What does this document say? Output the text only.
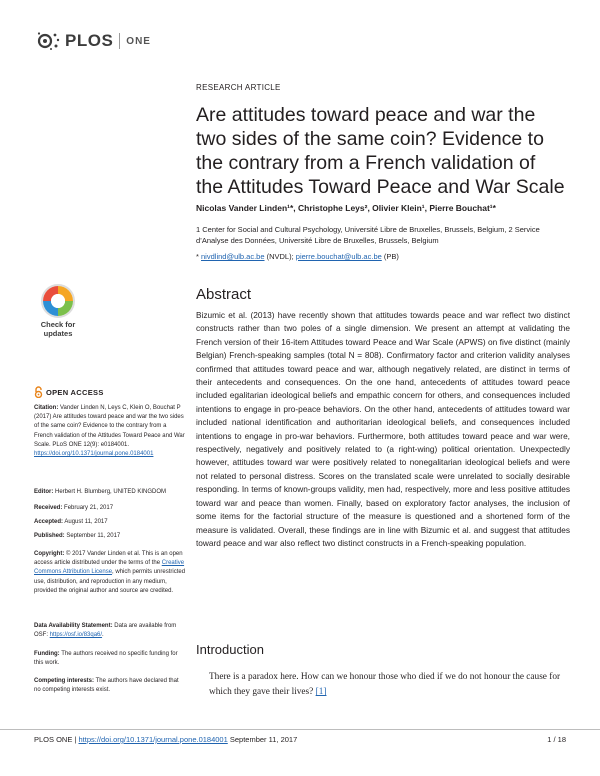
PLOS ONE
RESEARCH ARTICLE
Are attitudes toward peace and war the two sides of the same coin? Evidence to the contrary from a French validation of the Attitudes Toward Peace and War Scale
Nicolas Vander Linden¹*, Christophe Leys², Olivier Klein¹, Pierre Bouchat¹*
1 Center for Social and Cultural Psychology, Université Libre de Bruxelles, Brussels, Belgium, 2 Service
d’Analyse des Données, Université Libre de Bruxelles, Brussels, Belgium
* nivdlind@ulb.ac.be (NVDL); pierre.bouchat@ulb.ac.be (PB)
Abstract
Bizumic et al. (2013) have recently shown that attitudes towards peace and war reflect two distinct constructs rather than two poles of a single dimension. We present an attempt at validating the French version of their 16-item Attitudes toward Peace and War Scale (APWS) on five distinct (mainly Belgian) French-speaking samples (total N = 808). Confirmatory factor and criterion validity analyses confirmed that attitudes toward peace and war, although negatively related, are distinct in terms of their antecedents and consequences. On the one hand, antecedents of attitudes toward peace included egalitarian ideological beliefs and empathic concern for others, and consequences included intentions to engage in pro-peace behaviors. On the other hand, antecedents of attitudes toward war included national identification and authoritarian ideological beliefs, and consequences included intentions to engage in pro-war behaviors. Furthermore, both attitudes toward peace and war were, respectively, negatively and positively related to (a right-wing) political orientation. Unexpectedly however, attitudes toward war were positively related to nonegalitarian ideological beliefs and were not related to personal distress. Scores on the translated scale were unrelated to socially desirable responding. In terms of known-groups validity, men had, respectively, more and less positive attitudes toward war and peace than women. Finally, based on exploratory factor analyses, the inclusion of some items for the factorial structure of the measure is questioned and a shortened form of the measure is validated. Overall, these findings are in line with Bizumic et al. and suggest that attitudes toward peace and war also reflect two distinct constructs in a French-speaking population.
Introduction
There is a paradox here. How can we honour those who died if we do not honour the cause for which they gave their lives? [1]
Check for updates
OPEN ACCESS
Citation: Vander Linden N, Leys C, Klein O, Bouchat P (2017) Are attitudes toward peace and war the two sides of the same coin? Evidence to the contrary from a French validation of the Attitudes Toward Peace and War Scale. PLoS ONE 12(9): e0184001. https://doi.org/10.1371/journal.pone.0184001
Editor: Herbert H. Blumberg, UNITED KINGDOM
Received: February 21, 2017
Accepted: August 11, 2017
Published: September 11, 2017
Copyright: © 2017 Vander Linden et al. This is an open access article distributed under the terms of the Creative Commons Attribution License, which permits unrestricted use, distribution, and reproduction in any medium, provided the original author and source are credited.
Data Availability Statement: Data are available from OSF: https://osf.io/83qa6/.
Funding: The authors received no specific funding for this work.
Competing interests: The authors have declared that no competing interests exist.
PLOS ONE | https://doi.org/10.1371/journal.pone.0184001 September 11, 2017	1 / 18
